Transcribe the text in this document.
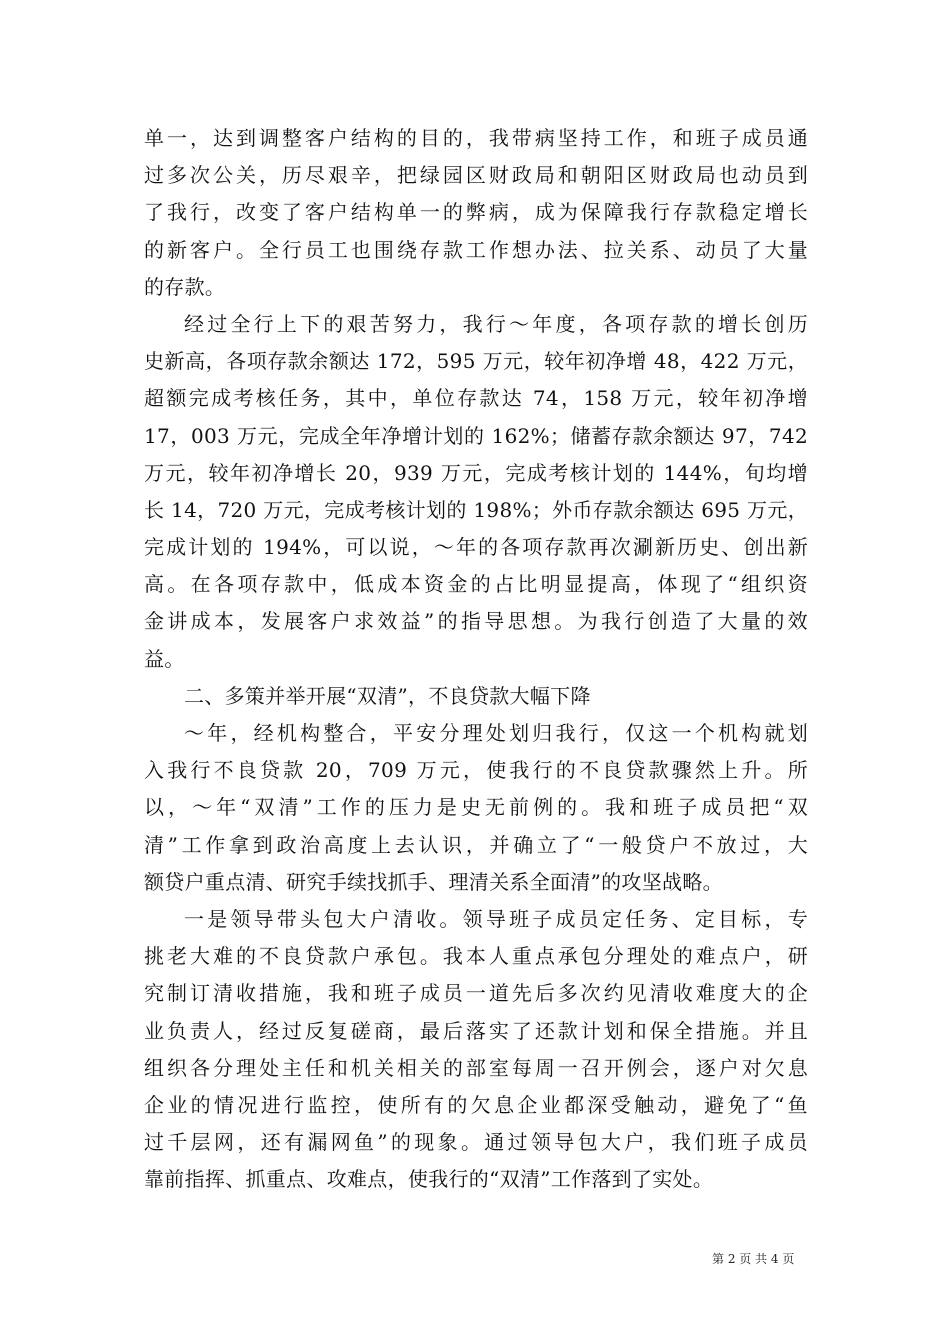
单一，达到调整客户结构的目的，我带病坚持工作，和班子成员通
过多次公关，历尽艰辛，把绿园区财政局和朝阳区财政局也动员到
了我行，改变了客户结构单一的弊病，成为保障我行存款稳定增长
的新客户。全行员工也围绕存款工作想办法、拉关系、动员了大量
的存款。
经过全行上下的艰苦努力，我行～年度，各项存款的增长创历
史新高，各项存款余额达 172，595 万元，较年初净增 48，422 万元，
超额完成考核任务，其中，单位存款达 74，158 万元，较年初净增
17，003 万元，完成全年净增计划的 162%；储蓄存款余额达 97，742
万元，较年初净增长 20，939 万元，完成考核计划的 144%，旬均增
长 14，720 万元，完成考核计划的 198%；外币存款余额达 695 万元，
完成计划的 194%，可以说，～年的各项存款再次涮新历史、创出新
高。在各项存款中，低成本资金的占比明显提高，体现了“组织资
金讲成本，发展客户求效益”的指导思想。为我行创造了大量的效
益。
二、多策并举开展“双清”，不良贷款大幅下降
～年，经机构整合，平安分理处划归我行，仅这一个机构就划
入我行不良贷款 20，709 万元，使我行的不良贷款骤然上升。所
以，～年“双清”工作的压力是史无前例的。我和班子成员把“双
清”工作拿到政治高度上去认识，并确立了“一般贷户不放过，大
额贷户重点清、研究手续找抓手、理清关系全面清”的攻坚战略。
一是领导带头包大户清收。领导班子成员定任务、定目标，专
挑老大难的不良贷款户承包。我本人重点承包分理处的难点户，研
究制订清收措施，我和班子成员一道先后多次约见清收难度大的企
业负责人，经过反复磋商，最后落实了还款计划和保全措施。并且
组织各分理处主任和机关相关的部室每周一召开例会，逐户对欠息
企业的情况进行监控，使所有的欠息企业都深受触动，避免了“鱼
过千层网，还有漏网鱼”的现象。通过领导包大户，我们班子成员
靠前指挥、抓重点、攻难点，使我行的“双清”工作落到了实处。
第 2 页 共 4 页
